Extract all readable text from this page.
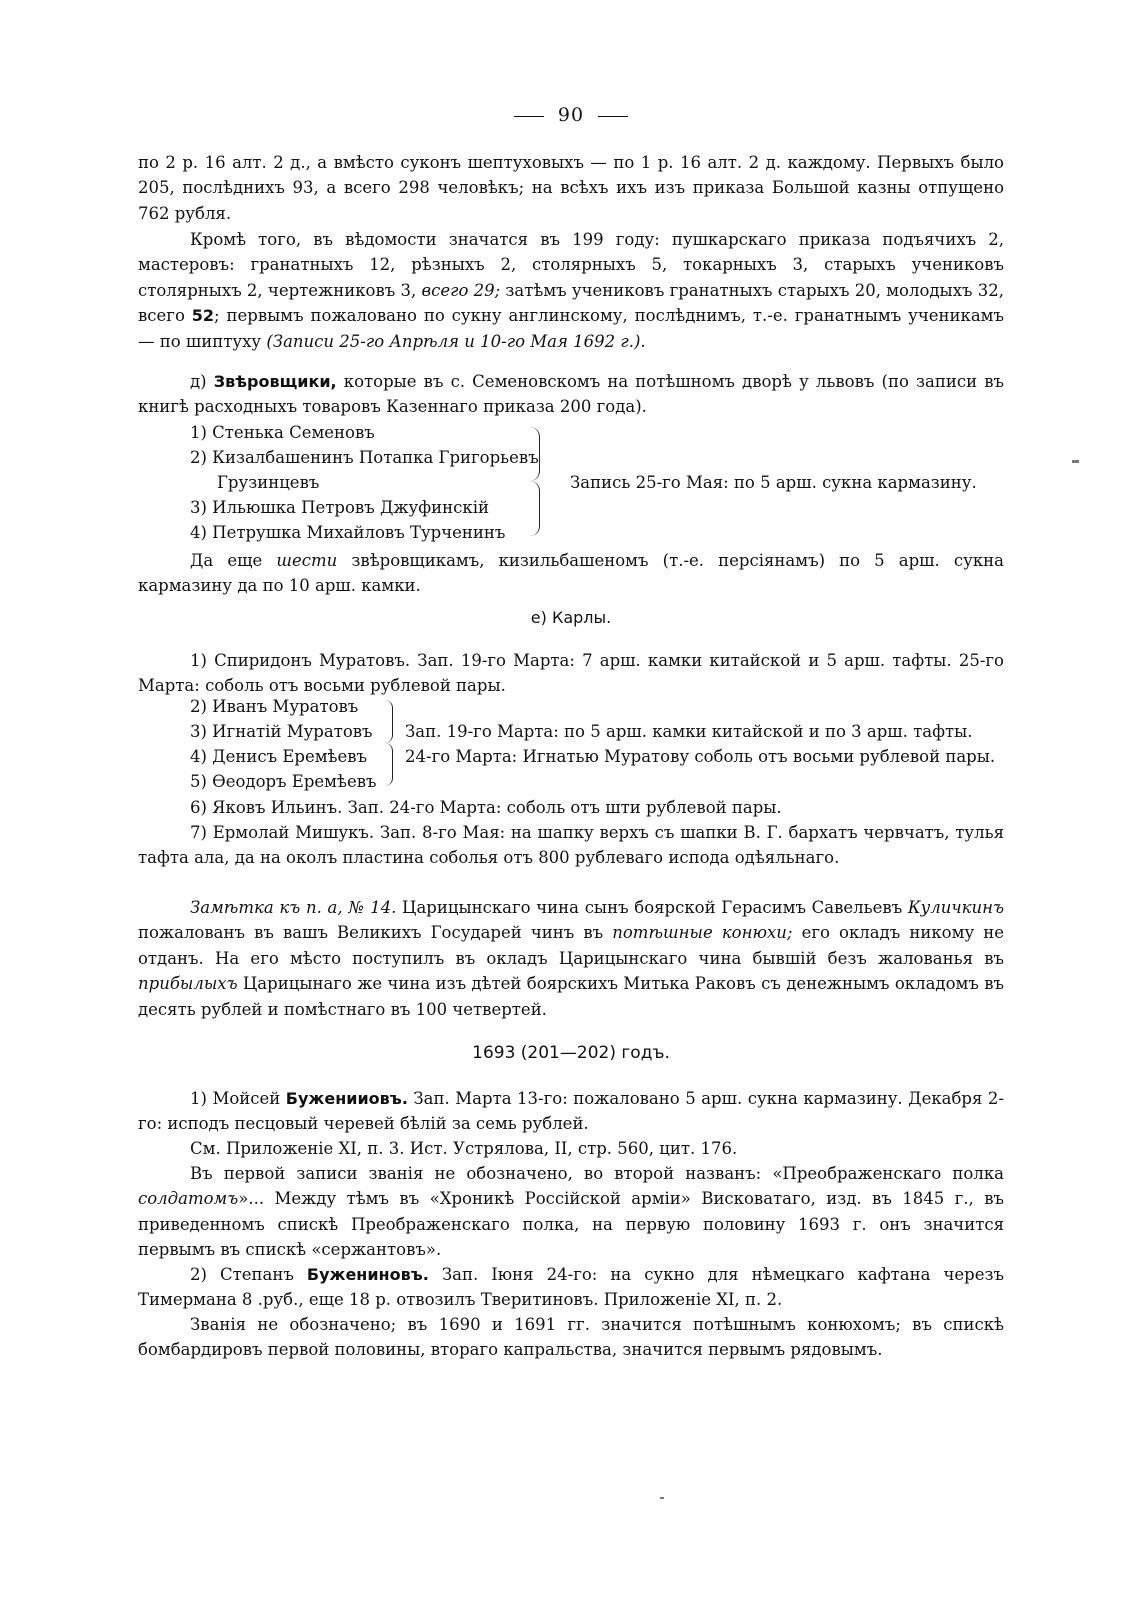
90
по 2 р. 16 алт. 2 д., а вмѣсто суконъ шептуховыхъ — по 1 р. 16 алт. 2 д. каждому. Первыхъ было 205, послѣднихъ 93, а всего 298 человѣкъ; на всѣхъ ихъ изъ приказа Большой казны отпущено 762 рубля.
Кромѣ того, въ вѣдомости значатся въ 199 году: пушкарскаго приказа подъячихъ 2, мастеровъ: гранатныхъ 12, рѣзныхъ 2, столярныхъ 5, токарныхъ 3, старыхъ учениковъ столярныхъ 2, чертежниковъ 3, всего 29; затѣмъ учениковъ гранатныхъ старыхъ 20, молодыхъ 32, всего 52; первымъ пожаловано по сукну англинскому, послѣднимъ, т.-е. гранатнымъ ученикамъ — по шиптуху (Записи 25-го Апрѣля и 10-го Мая 1692 г.).
д) Звѣровщики, которые въ с. Семеновскомъ на потѣшномъ дворѣ у львовъ (по записи въ книгѣ расходныхъ товаровъ Казеннаго приказа 200 года).
1) Стенька Семеновъ
2) Кизалбашенинъ Потапка Григорьевъ
Грузинцевъ
3) Ильюшка Петровъ Джуфинскій
4) Петрушка Михайловъ Турченинъ
Запись 25-го Мая: по 5 арш. сукна кармазину.
Да еще шести звѣровщикамъ, кизильбашеномъ (т.-е. персіянамъ) по 5 арш. сукна кармазину да по 10 арш. камки.
е) Карлы.
1) Спиридонъ Муратовъ. Зап. 19-го Марта: 7 арш. камки китайской и 5 арш. тафты. 25-го Марта: соболь отъ восьми рублевой пары.
2) Иванъ Муратовъ
3) Игнатій Муратовъ
4) Денисъ Еремѣевъ
5) Ѳеодоръ Еремѣевъ
Зап. 19-го Марта: по 5 арш. камки китайской и по 3 арш. тафты.
24-го Марта: Игнатью Муратову соболь отъ восьми рублевой пары.
6) Яковъ Ильинъ. Зап. 24-го Марта: соболь отъ шти рублевой пары.
7) Ермолай Мишукъ. Зап. 8-го Мая: на шапку верхъ съ шапки В. Г. бархатъ червчатъ, тулья тафта ала, да на околъ пластина соболья отъ 800 рублеваго испода одѣяльнаго.
Замѣтка къ п. а, № 14. Царицынскаго чина сынъ боярской Герасимъ Савельевъ Куличкинъ пожалованъ въ вашъ Великихъ Государей чинъ въ потѣшные конюхи; его окладъ никому не отданъ. На его мѣсто поступилъ въ окладъ Царицынскаго чина бывшій безъ жалованья въ прибылыхъ Царицынаго же чина изъ дѣтей боярскихъ Митька Раковъ съ денежнымъ окладомъ въ десять рублей и помѣстнаго въ 100 четвертей.
1693 (201—202) годъ.
1) Мойсей Буженииовъ. Зап. Марта 13-го: пожаловано 5 арш. сукна кармазину. Декабря 2-го: исподъ песцовый черевей бѣлій за семь рублей.
См. Приложеніе XI, п. 3. Ист. Устрялова, II, стр. 560, цит. 176.
Въ первой записи званія не обозначено, во второй названъ: «Преображенскаго полка солдатомъ»... Между тѣмъ въ «Хроникѣ Россійской арміи» Висковатаго, изд. въ 1845 г., въ приведенномъ спискѣ Преображенскаго полка, на первую половину 1693 г. онъ значится первымъ въ спискѣ «сержантовъ».
2) Степанъ Бужениновъ. Зап. Іюня 24-го: на сукно для нѣмецкаго кафтана черезъ Тимермана 8 .руб., еще 18 р. отвозилъ Тверитиновъ. Приложеніе XI, п. 2.
Званія не обозначено; въ 1690 и 1691 гг. значится потѣшнымъ конюхомъ; въ спискѣ бомбардировъ первой половины, втораго капральства, значится первымъ рядовымъ.
